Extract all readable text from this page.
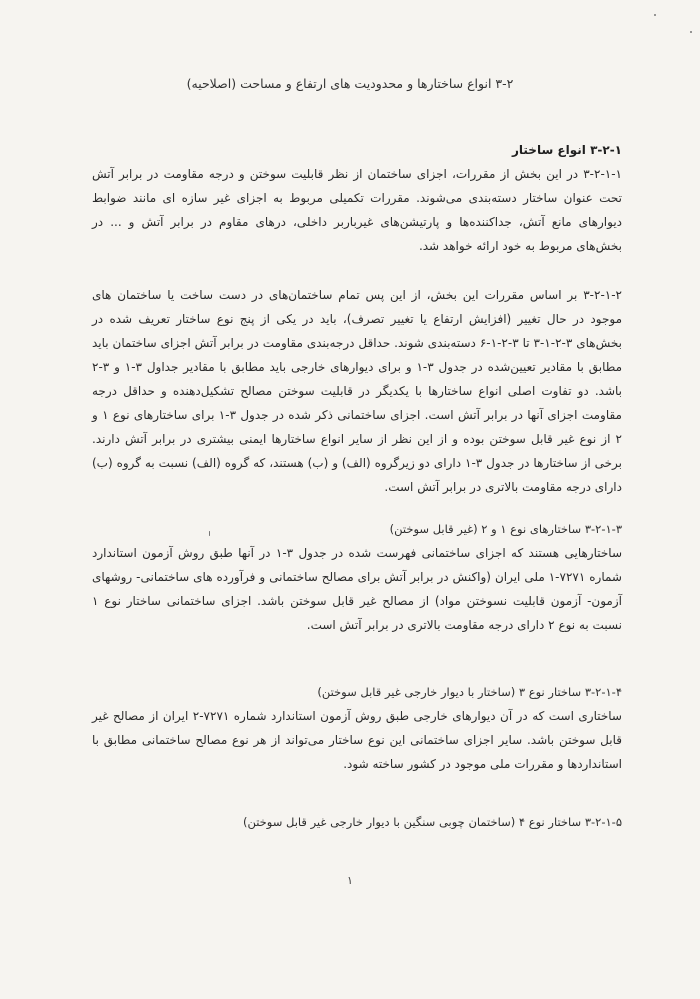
۳-۲ انواع ساختارها و محدودیت های ارتفاع و مساحت (اصلاحیه)
۳-۲-۱ انواع ساختار

۳-۲-۱-۱ در این بخش از مقررات، اجزای ساختمان از نظر قابلیت سوختن و درجه مقاومت در برابر آتش تحت عنوان ساختار دسته‌بندی می‌شوند. مقررات تکمیلی مربوط به اجزای غیر سازه ای مانند ضوابط دیوارهای مانع آتش، جداکننده‌ها و پارتیشن‌های غیرباربر داخلی، درهای مقاوم در برابر آتش و ... در بخش‌های مربوط به خود ارائه خواهد شد.

۳-۲-۱-۲ بر اساس مقررات این بخش، از این پس تمام ساختمان‌های در دست ساخت یا ساختمان های موجود در حال تغییر (افزایش ارتفاع یا تغییر تصرف)، باید در یکی از پنج نوع ساختار تعریف شده در بخش‌های ۳-۲-۱-۳ تا ۳-۲-۱-۶ دسته‌بندی شوند. حداقل درجه‌بندی مقاومت در برابر آتش اجزای ساختمان باید مطابق با مقادیر تعیین‌شده در جدول ۳-۱ و برای دیوارهای خارجی باید مطابق با مقادیر جداول ۳-۱ و ۳-۲ باشد. دو تفاوت اصلی انواع ساختارها با یکدیگر در قابلیت سوختن مصالح تشکیل‌دهنده و حداقل درجه مقاومت اجزای آنها در برابر آتش است. اجزای ساختمانی ذکر شده در جدول ۳-۱ برای ساختارهای نوع ۱ و ۲ از نوع غیر قابل سوختن بوده و از این نظر از سایر انواع ساختارها ایمنی بیشتری در برابر آتش دارند. برخی از ساختارها در جدول ۳-۱ دارای دو زیرگروه (الف) و (ب) هستند، که گروه (الف) نسبت به گروه (ب) دارای درجه مقاومت بالاتری در برابر آتش است.

۳-۲-۱-۳ ساختارهای نوع ۱ و ۲ (غیر قابل سوختن)

ساختارهایی هستند که اجزای ساختمانی فهرست شده در جدول ۳-۱ در آنها طبق روش آزمون استاندارد شماره ۷۲۷۱-۱ ملی ایران (واکنش در برابر آتش برای مصالح ساختمانی و فرآورده های ساختمانی- روشهای آزمون- آزمون قابلیت نسوختن مواد) از مصالح غیر قابل سوختن باشد. اجزای ساختمانی ساختار نوع ۱ نسبت به نوع ۲ دارای درجه مقاومت بالاتری در برابر آتش است.

۳-۲-۱-۴ ساختار نوع ۳ (ساختار با دیوار خارجی غیر قابل سوختن)

ساختاری است که در آن دیوارهای خارجی طبق روش آزمون استاندارد شماره ۷۲۷۱-۲ ایران از مصالح غیر قابل سوختن باشد. سایر اجزای ساختمانی این نوع ساختار می‌تواند از هر نوع مصالح ساختمانی مطابق با استانداردها و مقررات ملی موجود در کشور ساخته شود.

۳-۲-۱-۵ ساختار نوع ۴ (ساختمان چوبی سنگین با دیوار خارجی غیر قابل سوختن)
۱
